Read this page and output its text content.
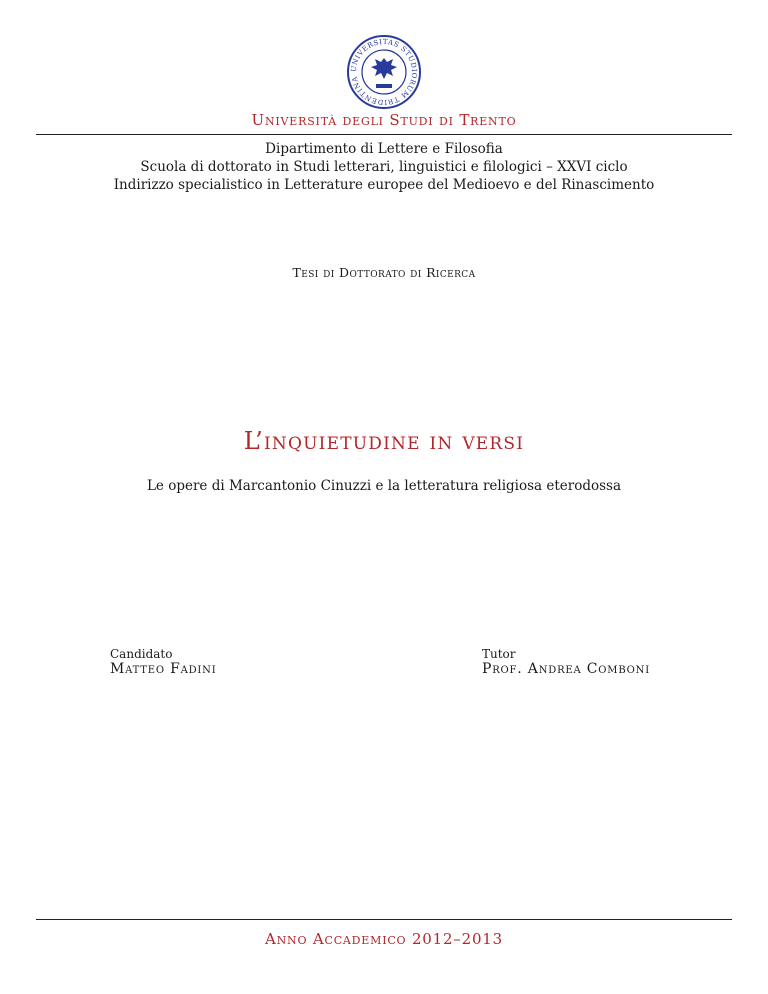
UNIVERSITAS STUDIORUM TRIDENTINA
Università degli Studi di Trento
Dipartimento di Lettere e Filosofia
Scuola di dottorato in Studi letterari, linguistici e filologici – XXVI ciclo
Indirizzo specialistico in Letterature europee del Medioevo e del Rinascimento
Tesi di Dottorato di Ricerca
L’inquietudine in versi
Le opere di Marcantonio Cinuzzi e la letteratura religiosa eterodossa
Candidato
Matteo Fadini
Tutor
Prof. Andrea Comboni
Anno Accademico 2012–2013
